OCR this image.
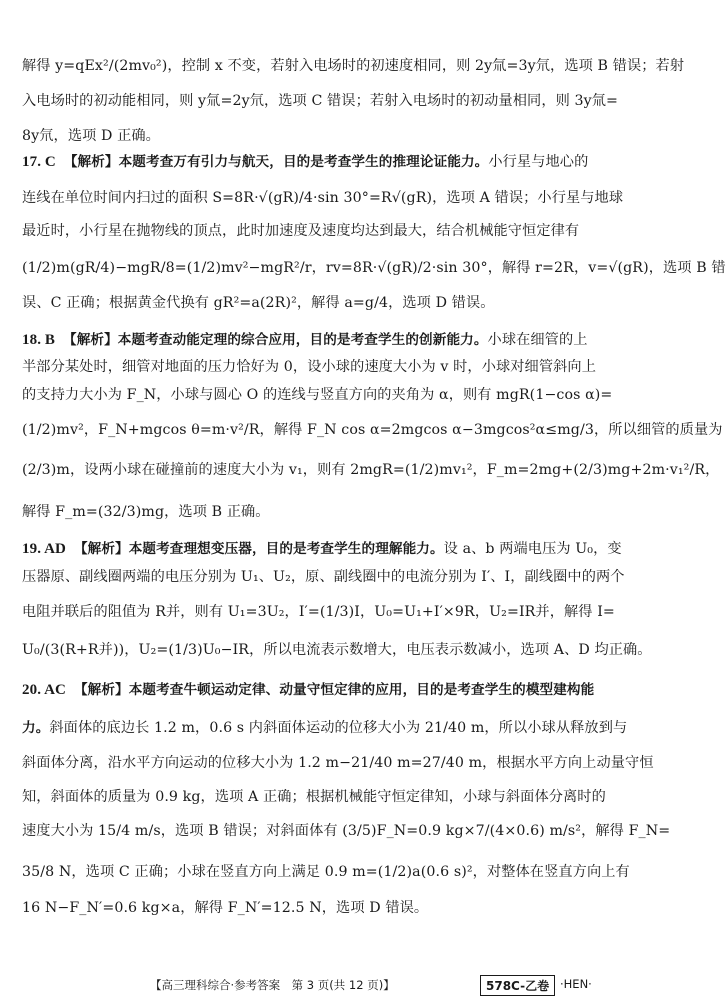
解得 y=qEx²/(2mv₀²)，控制 x 不变，若射入电场时的初速度相同，则 2y氚=3y氘，选项 B 错误；若射
入电场时的初动能相同，则 y氚=2y氘，选项 C 错误；若射入电场时的初动量相同，则 3y氚=
8y氘，选项 D 正确。
17. C 【解析】本题考查万有引力与航天，目的是考查学生的推理论证能力。小行星与地心的
连线在单位时间内扫过的面积 S=8R·√(gR)/4·sin 30°=R√(gR)，选项 A 错误；小行星与地球
最近时，小行星在抛物线的顶点，此时加速度及速度均达到最大，结合机械能守恒定律有
(1/2)m(gR/4)−mgR/8=(1/2)mv²−mgR²/r，rv=8R·√(gR)/2·sin 30°，解得 r=2R，v=√(gR)，选项 B 错
误、C 正确；根据黄金代换有 gR²=a(2R)²，解得 a=g/4，选项 D 错误。
18. B 【解析】本题考查动能定理的综合应用，目的是考查学生的创新能力。小球在细管的上
半部分某处时，细管对地面的压力恰好为 0，设小球的速度大小为 v 时，小球对细管斜向上
的支持力大小为 F_N，小球与圆心 O 的连线与竖直方向的夹角为 α，则有 mgR(1−cos α)=
(1/2)mv²，F_N+mgcos θ=m·v²/R，解得 F_N cos α=2mgcos α−3mgcos²α≤mg/3，所以细管的质量为
(2/3)m，设两小球在碰撞前的速度大小为 v₁，则有 2mgR=(1/2)mv₁²，F_m=2mg+(2/3)mg+2m·v₁²/R，
解得 F_m=(32/3)mg，选项 B 正确。
19. AD 【解析】本题考查理想变压器，目的是考查学生的理解能力。设 a、b 两端电压为 U₀，变
压器原、副线圈两端的电压分别为 U₁、U₂，原、副线圈中的电流分别为 I′、I，副线圈中的两个
电阻并联后的阻值为 R并，则有 U₁=3U₂，I′=(1/3)I，U₀=U₁+I′×9R，U₂=IR并，解得 I=
U₀/(3(R+R并))，U₂=(1/3)U₀−IR，所以电流表示数增大，电压表示数减小，选项 A、D 均正确。
20. AC 【解析】本题考查牛顿运动定律、动量守恒定律的应用，目的是考查学生的模型建构能
力。斜面体的底边长 1.2 m，0.6 s 内斜面体运动的位移大小为 21/40 m，所以小球从释放到与
斜面体分离，沿水平方向运动的位移大小为 1.2 m−21/40 m=27/40 m，根据水平方向上动量守恒
知，斜面体的质量为 0.9 kg，选项 A 正确；根据机械能守恒定律知，小球与斜面体分离时的
速度大小为 15/4 m/s，选项 B 错误；对斜面体有 (3/5)F_N=0.9 kg×7/(4×0.6) m/s²，解得 F_N=
35/8 N，选项 C 正确；小球在竖直方向上满足 0.9 m=(1/2)a(0.6 s)²，对整体在竖直方向上有
16 N−F_N′=0.6 kg×a，解得 F_N′=12.5 N，选项 D 错误。
【高三理科综合·参考答案　第 3 页(共 12 页)】	578C-乙卷 ·HEN·
